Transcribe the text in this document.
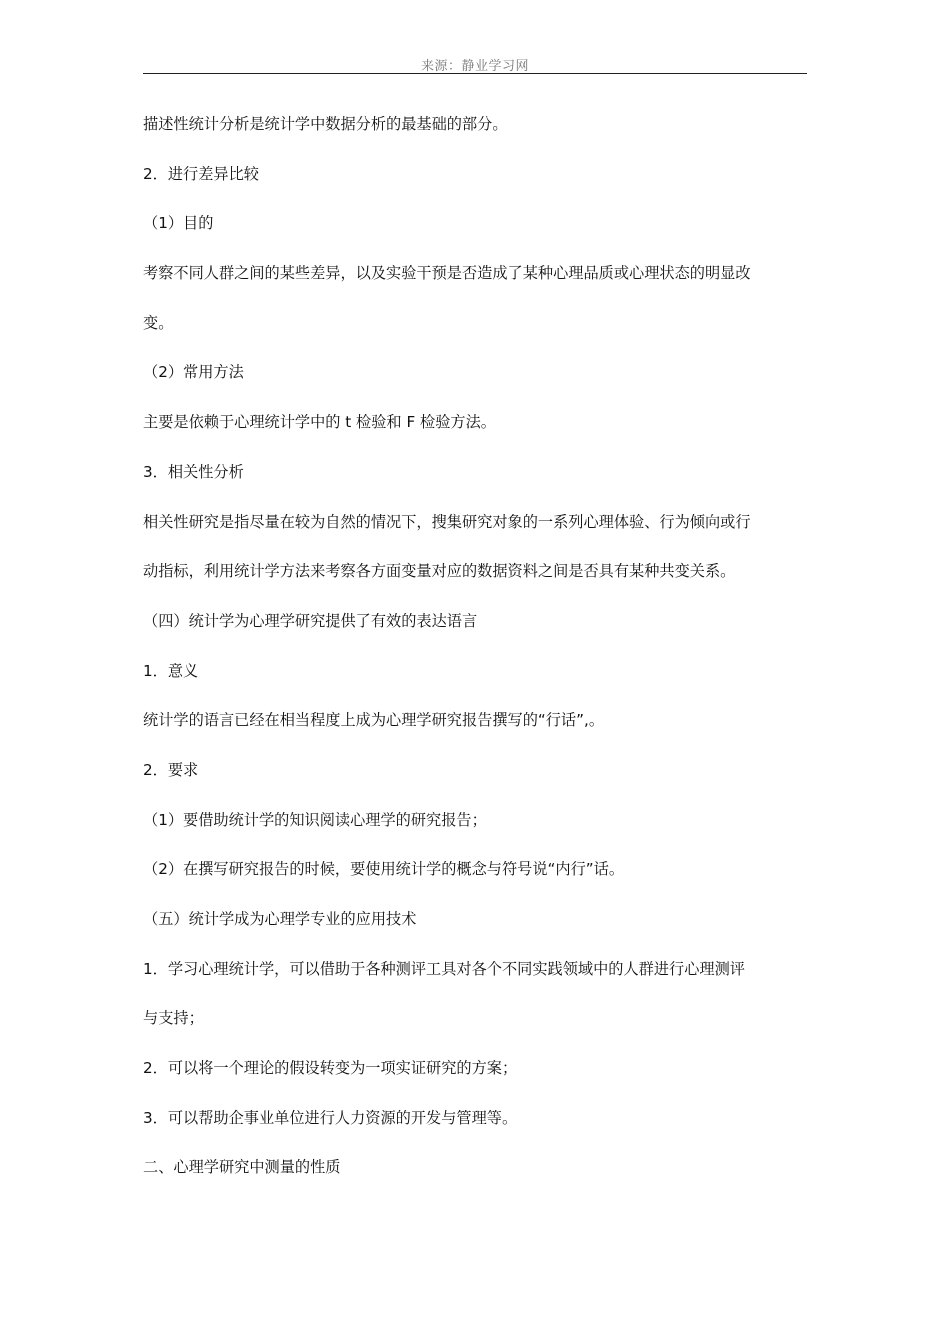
来源：静业学习网
描述性统计分析是统计学中数据分析的最基础的部分。
2．进行差异比较
（1）目的
考察不同人群之间的某些差异，以及实验干预是否造成了某种心理品质或心理状态的明显改
变。
（2）常用方法
主要是依赖于心理统计学中的 t 检验和 F 检验方法。
3．相关性分析
相关性研究是指尽量在较为自然的情况下，搜集研究对象的一系列心理体验、行为倾向或行
动指标，利用统计学方法来考察各方面变量对应的数据资料之间是否具有某种共变关系。
（四）统计学为心理学研究提供了有效的表达语言
1．意义
统计学的语言已经在相当程度上成为心理学研究报告撰写的“行话”,。
2．要求
（1）要借助统计学的知识阅读心理学的研究报告；
（2）在撰写研究报告的时候，要使用统计学的概念与符号说“内行”话。
（五）统计学成为心理学专业的应用技术
1．学习心理统计学，可以借助于各种测评工具对各个不同实践领域中的人群进行心理测评
与支持；
2．可以将一个理论的假设转变为一项实证研究的方案；
3．可以帮助企事业单位进行人力资源的开发与管理等。
二、心理学研究中测量的性质
